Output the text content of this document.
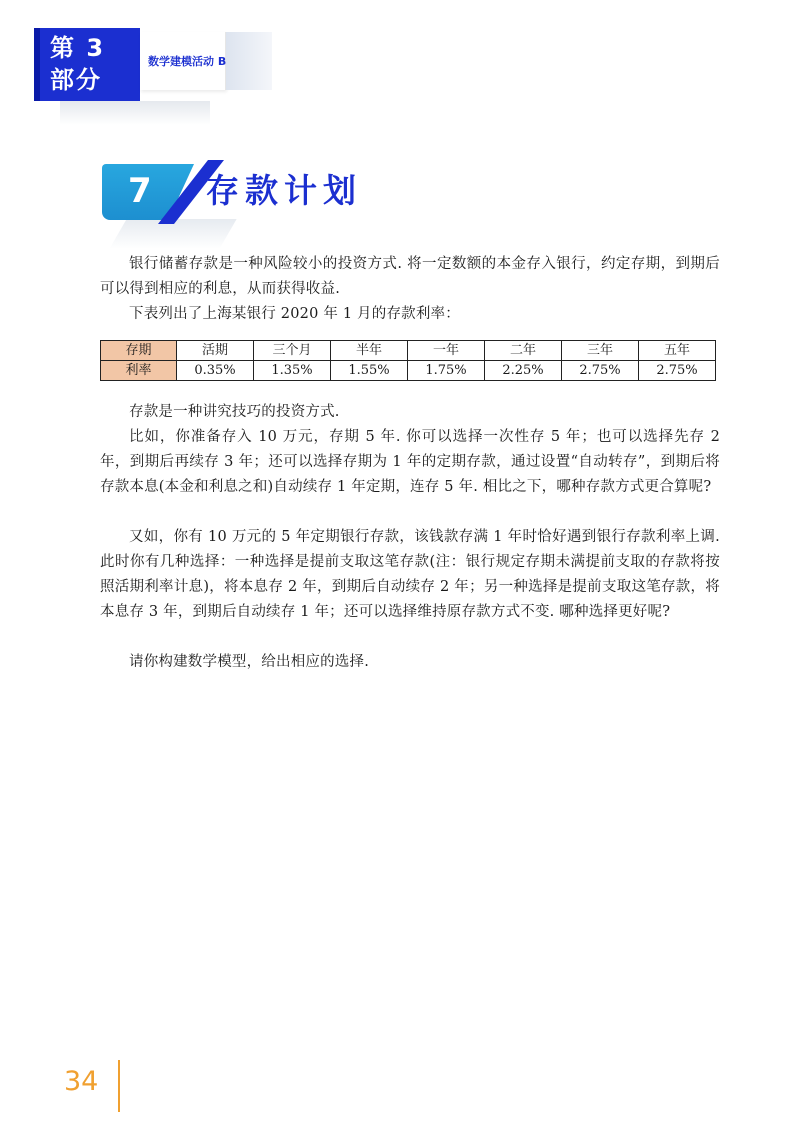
第 3
部分
数学建模活动 B
7 存款计划
银行储蓄存款是一种风险较小的投资方式. 将一定数额的本金存入银行，约定存期，到期后可以得到相应的利息，从而获得收益.
下表列出了上海某银行 2020 年 1 月的存款利率：
存期	活期	三个月	半年	一年	二年	三年	五年
利率	0.35%	1.35%	1.55%	1.75%	2.25%	2.75%	2.75%
存款是一种讲究技巧的投资方式.
比如，你准备存入 10 万元，存期 5 年. 你可以选择一次性存 5 年；也可以选择先存 2 年，到期后再续存 3 年；还可以选择存期为 1 年的定期存款，通过设置“自动转存”，到期后将存款本息(本金和利息之和)自动续存 1 年定期，连存 5 年. 相比之下，哪种存款方式更合算呢?
又如，你有 10 万元的 5 年定期银行存款，该钱款存满 1 年时恰好遇到银行存款利率上调. 此时你有几种选择：一种选择是提前支取这笔存款(注：银行规定存期未满提前支取的存款将按照活期利率计息)，将本息存 2 年，到期后自动续存 2 年；另一种选择是提前支取这笔存款，将本息存 3 年，到期后自动续存 1 年；还可以选择维持原存款方式不变. 哪种选择更好呢?
请你构建数学模型，给出相应的选择.
34
